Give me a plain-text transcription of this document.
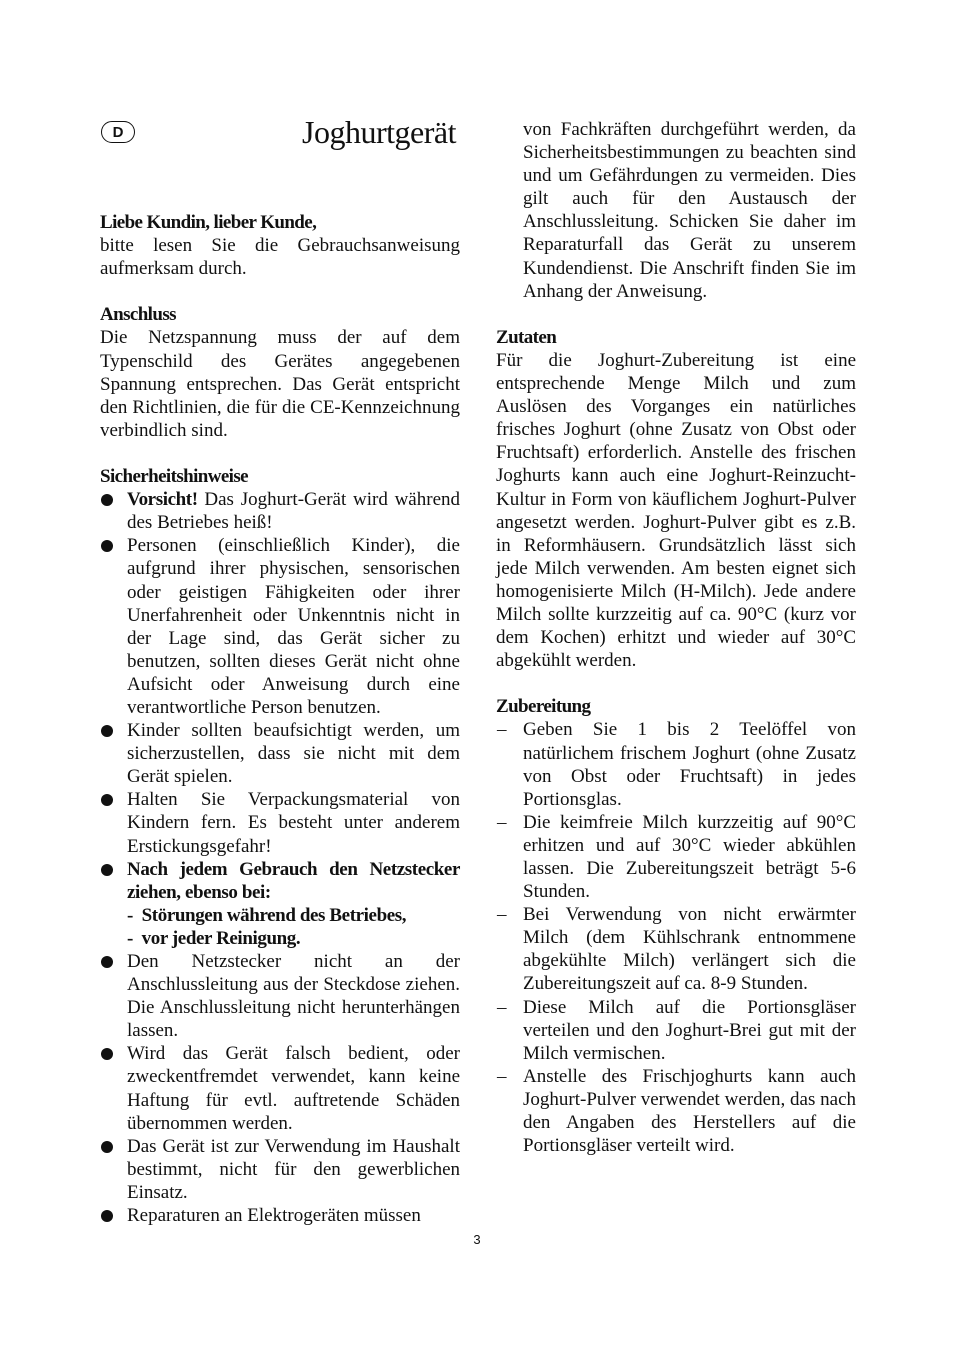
D	Joghurtgerät
Liebe Kundin, lieber Kunde,

bitte lesen Sie die Gebrauchsanweisung aufmerksam durch.

Anschluss

Die Netzspannung muss der auf dem Typenschild des Gerätes angegebenen Spannung entsprechen. Das Gerät entspricht den Richtlinien, die für die CE-Kennzeichnung verbindlich sind.

Sicherheitshinweise
Vorsicht! Das Joghurt-Gerät wird während des Betriebes heiß!
Personen (einschließlich Kinder), die aufgrund ihrer physischen, sensorischen oder geistigen Fähigkeiten oder ihrer Unerfahrenheit oder Unkenntnis nicht in der Lage sind, das Gerät sicher zu benutzen, sollten dieses Gerät nicht ohne Aufsicht oder Anweisung durch eine verantwortliche Person benutzen.
Kinder sollten beaufsichtigt werden, um sicherzustellen, dass sie nicht mit dem Gerät spielen.
Halten Sie Verpackungsmaterial von Kindern fern. Es besteht unter anderem Erstickungsgefahr!
Nach jedem Gebrauch den Netzstecker ziehen, ebenso bei:
- Störungen während des Betriebes,
- vor jeder Reinigung.
Den Netzstecker nicht an der Anschlussleitung aus der Steckdose ziehen. Die Anschlussleitung nicht herunterhängen lassen.
Wird das Gerät falsch bedient, oder zweckentfremdet verwendet, kann keine Haftung für evtl. auftretende Schäden übernommen werden.
Das Gerät ist zur Verwendung im Haushalt bestimmt, nicht für den gewerblichen Einsatz.
Reparaturen an Elektrogeräten müssen

von Fachkräften durchgeführt werden, da Sicherheitsbestimmungen zu beachten sind und um Gefährdungen zu vermeiden. Dies gilt auch für den Austausch der Anschlussleitung. Schicken Sie daher im Reparaturfall das Gerät zu unserem Kundendienst. Die Anschrift finden Sie im Anhang der Anweisung.

Zutaten

Für die Joghurt-Zubereitung ist eine entsprechende Menge Milch und zum Auslösen des Vorganges ein natürliches frisches Joghurt (ohne Zusatz von Obst oder Fruchtsaft) erforderlich. Anstelle des frischen Joghurts kann auch eine Joghurt-Reinzucht-Kultur in Form von käuflichem Joghurt-Pulver angesetzt werden. Joghurt-Pulver gibt es z.B. in Reformhäusern. Grundsätzlich lässt sich jede Milch verwenden. Am besten eignet sich homogenisierte Milch (H-Milch). Jede andere Milch sollte kurzzeitig auf ca. 90°C (kurz vor dem Kochen) erhitzt und wieder auf 30°C abgekühlt werden.

Zubereitung
– Geben Sie 1 bis 2 Teelöffel von natürlichem frischem Joghurt (ohne Zusatz von Obst oder Fruchtsaft) in jedes Portionsglas.
– Die keimfreie Milch kurzzeitig auf 90°C erhitzen und auf 30°C wieder abkühlen lassen. Die Zubereitungszeit beträgt 5-6 Stunden.
– Bei Verwendung von nicht erwärmter Milch (dem Kühlschrank entnommene abgekühlte Milch) verlängert sich die Zubereitungszeit auf ca. 8-9 Stunden.
– Diese Milch auf die Portionsgläser verteilen und den Joghurt-Brei gut mit der Milch vermischen.
– Anstelle des Frischjoghurts kann auch Joghurt-Pulver verwendet werden, das nach den Angaben des Herstellers auf die Portionsgläser verteilt wird.
3
